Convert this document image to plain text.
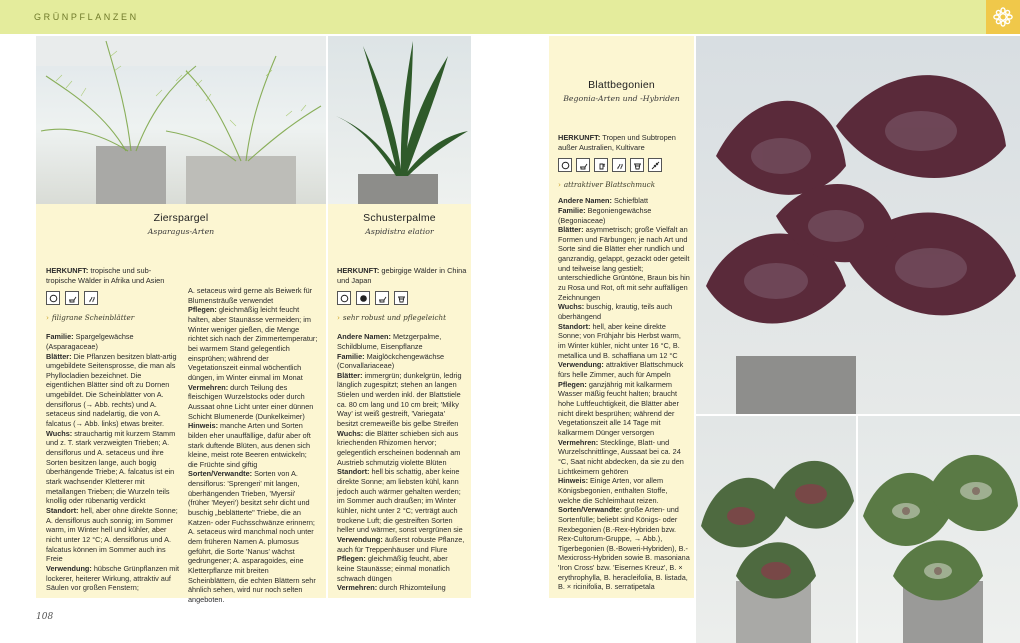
GRÜNPFLANZEN
Zierspargel
Asparagus-Arten
HERKUNFT: tropische und sub-tropische Wälder in Afrika und Asien
› filigrane Scheinblätter

Familie: Spargelgewächse (Asparagaceae)
Blätter: Die Pflanzen besitzen blatt-artig umgebildete Seitensprosse, die man als Phyllocladien bezeichnet. Die eigentlichen Blätter sind oft zu Dornen umgebildet. Die Scheinblätter von A. densiflorus (→ Abb. rechts) und A. setaceus sind nadelartig, die von A. falcatus (→ Abb. links) etwas breiter.
Wuchs: strauchartig mit kurzem Stamm und z. T. stark verzweigten Trieben; A. densiflorus und A. setaceus und ihre Sorten besitzen lange, auch bogig überhängende Triebe; A. falcatus ist ein stark wachsender Kletterer mit metallangen Trieben; die Wurzeln teils knollig oder rübenartig verdickt
Standort: hell, aber ohne direkte Sonne; A. densiflorus auch sonnig; im Sommer warm, im Winter hell und kühler, aber nicht unter 12 °C; A. densiflorus und A. falcatus können im Sommer auch ins Freie
Verwendung: hübsche Grünpflanzen mit lockerer, heiterer Wirkung, attraktiv auf Säulen vor großen Fenstern;

A. setaceus wird gerne als Beiwerk für Blumensträuße verwendet
Pflegen: gleichmäßig leicht feucht halten, aber Staunässe vermeiden; im Winter weniger gießen, die Menge richtet sich nach der Zimmertemperatur; bei warmem Stand gelegentlich einsprühen; während der Vegetationszeit einmal wöchentlich düngen, im Winter einmal im Monat
Vermehren: durch Teilung des fleischigen Wurzelstocks oder durch Aussaat ohne Licht unter einer dünnen Schicht Blumenerde (Dunkelkeimer)
Hinweis: manche Arten und Sorten bilden eher unauffällige, dafür aber oft stark duftende Blüten, aus denen sich kleine, meist rote Beeren entwickeln; die Früchte sind giftig
Sorten/Verwandte: Sorten von A. densiflorus: 'Sprengeri' mit langen, überhängenden Trieben, 'Myersii' (früher 'Meyeri') besitzt sehr dicht und buschig „beblätterte" Triebe, die an Katzen- oder Fuchsschwänze erinnern; A. setaceus wird manchmal noch unter dem früheren Namen A. plumosus geführt, die Sorte 'Nanus' wächst gedrungener; A. asparagoides, eine Kletterpflanze mit breiten Scheinblättern, die echten Blättern sehr ähnlich sehen, wird nur noch selten angeboten.

Schusterpalme
Aspidistra elatior
HERKUNFT: gebirgige Wälder in China und Japan
› sehr robust und pflegeleicht

Andere Namen: Metzgerpalme, Schildblume, Eisenpflanze
Familie: Maiglöckchengewächse (Convallariaceae)
Blätter: immergrün; dunkelgrün, ledrig länglich zugespitzt; stehen an langen Stielen und werden inkl. der Blattstiele ca. 80 cm lang und 10 cm breit; 'Milky Way' ist weiß gestreift, 'Variegata' besitzt cremeweiße bis gelbe Streifen
Wuchs: die Blätter schieben sich aus kriechenden Rhizomen hervor; gelegentlich erscheinen bodennah am Austrieb schmutzig violette Blüten
Standort: hell bis schattig, aber keine direkte Sonne; am liebsten kühl, kann jedoch auch wärmer gehalten werden; im Sommer auch draußen; im Winter kühler, nicht unter 2 °C; verträgt auch trockene Luft; die gestreiften Sorten heller und wärmer, sonst vergrünen sie
Verwendung: äußerst robuste Pflanze, auch für Treppenhäuser und Flure
Pflegen: gleichmäßig feucht, aber keine Staunässe; einmal monatlich schwach düngen
Vermehren: durch Rhizomteilung

Blattbegonien
Begonia-Arten und -Hybriden
HERKUNFT: Tropen und Subtropen außer Australien, Kultivare
› attraktiver Blattschmuck

Andere Namen: Schiefblatt
Familie: Begoniengewächse (Begoniaceae)
Blätter: asymmetrisch; große Vielfalt an Formen und Färbungen; je nach Art und Sorte sind die Blätter eher rundlich und ganzrandig, gelappt, gezackt oder geteilt und teilweise lang gestielt; unterschiedliche Grüntöne, Braun bis hin zu Rosa und Rot, oft mit sehr auffälligen Zeichnungen
Wuchs: buschig, krautig, teils auch überhängend
Standort: hell, aber keine direkte Sonne; von Frühjahr bis Herbst warm, im Winter kühler, nicht unter 16 °C, B. metallica und B. schaffiana um 12 °C
Verwendung: attraktiver Blattschmuck fürs helle Zimmer, auch für Ampeln
Pflegen: ganzjährig mit kalkarmem Wasser mäßig feucht halten; braucht hohe Luftfeuchtigkeit, die Blätter aber nicht direkt besprühen; während der Vegetationszeit alle 14 Tage mit kalkarmem Dünger versorgen
Vermehren: Stecklinge, Blatt- und Wurzelschnittlinge, Aussaat bei ca. 24 °C, Saat nicht abdecken, da sie zu den Lichtkeimern gehören
Hinweis: Einige Arten, vor allem Königsbegonien, enthalten Stoffe, welche die Schleimhaut reizen.
Sorten/Verwandte: große Arten- und Sortenfülle; beliebt sind Königs- oder Rexbegonien (B.-Rex-Hybriden bzw. Rex-Cultorum-Gruppe, → Abb.), Tigerbegonien (B.-Boweri-Hybriden), B.-Mexicross-Hybriden sowie B. masoniana 'Iron Cross' bzw. 'Eisernes Kreuz', B. × erythrophylla, B. heracleifolia, B. listada, B. × ricinifolia, B. serratipetala

108
